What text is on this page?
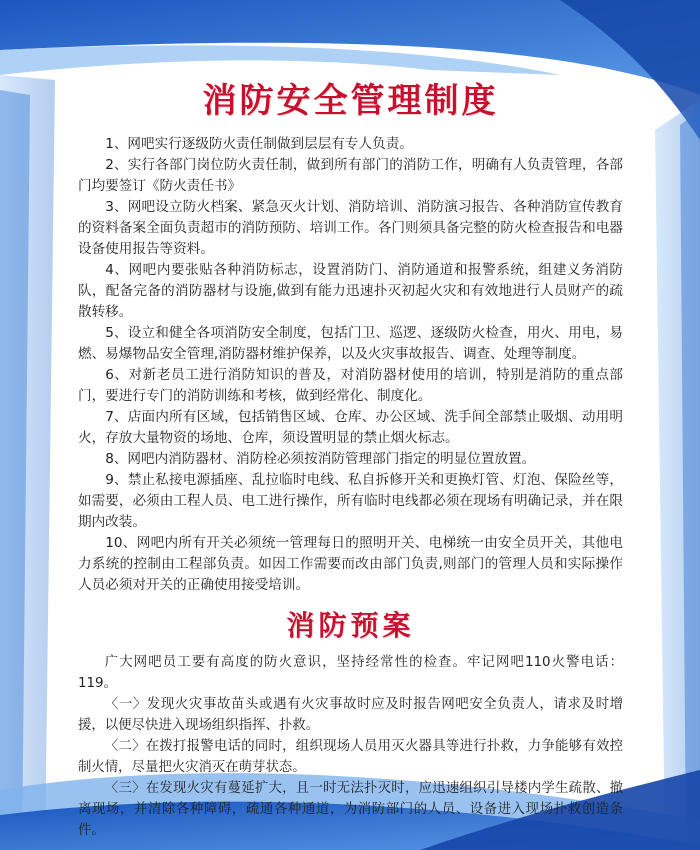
消防安全管理制度

1、网吧实行逐级防火责任制做到层层有专人负责。

2、实行各部门岗位防火责任制，做到所有部门的消防工作，明确有人负责管理，各部门均要签订《防火责任书》

3、网吧设立防火档案、紧急灭火计划、消防培训、消防演习报告、各种消防宣传教育的资料备案全面负责超市的消防预防、培训工作。各门则须具备完整的防火检查报告和电器设备使用报告等资料。

4、网吧内要张贴各种消防标志，设置消防门、消防通道和报警系统，组建义务消防队，配备完备的消防器材与设施,做到有能力迅速扑灭初起火灾和有效地进行人员财产的疏散转移。

5、设立和健全各项消防安全制度，包括门卫、巡逻、逐级防火检查，用火、用电，易燃、易爆物品安全管理,消防器材维护保养，以及火灾事故报告、调查、处理等制度。

6、对新老员工进行消防知识的普及，对消防器材使用的培训，特别是消防的重点部门，要进行专门的消防训练和考核，做到经常化、制度化。

7、店面内所有区域，包括销售区域、仓库、办公区域、洗手间全部禁止吸烟、动用明火，存放大量物资的场地、仓库，须设置明显的禁止烟火标志。

8、网吧内消防器材、消防栓必须按消防管理部门指定的明显位置放置。

9、禁止私接电源插座、乱拉临时电线、私自拆修开关和更换灯管、灯泡、保险丝等，如需要，必须由工程人员、电工进行操作，所有临时电线都必须在现场有明确记录，并在限期内改装。

10、网吧内所有开关必须统一管理每日的照明开关、电梯统一由安全员开关，其他电力系统的控制由工程部负责。如因工作需要而改由部门负责,则部门的管理人员和实际操作人员必须对开关的正确使用接受培训。

消防预案

广大网吧员工要有高度的防火意识，坚持经常性的检查。牢记网吧110火警电话：119。

〈一〉发现火灾事故苗头或遇有火灾事故时应及时报告网吧安全负责人，请求及时增援，以便尽快进入现场组织指挥、扑救。

〈二〉在拨打报警电话的同时，组织现场人员用灭火器具等进行扑救，力争能够有效控制火情，尽量把火灾消灭在萌芽状态。

〈三〉在发现火灾有蔓延扩大，且一时无法扑灭时，应迅速组织引导楼内学生疏散、撤离现场，并清除各种障碍，疏通各种通道，为消防部门的人员、设备进入现场扑救创造条件。
